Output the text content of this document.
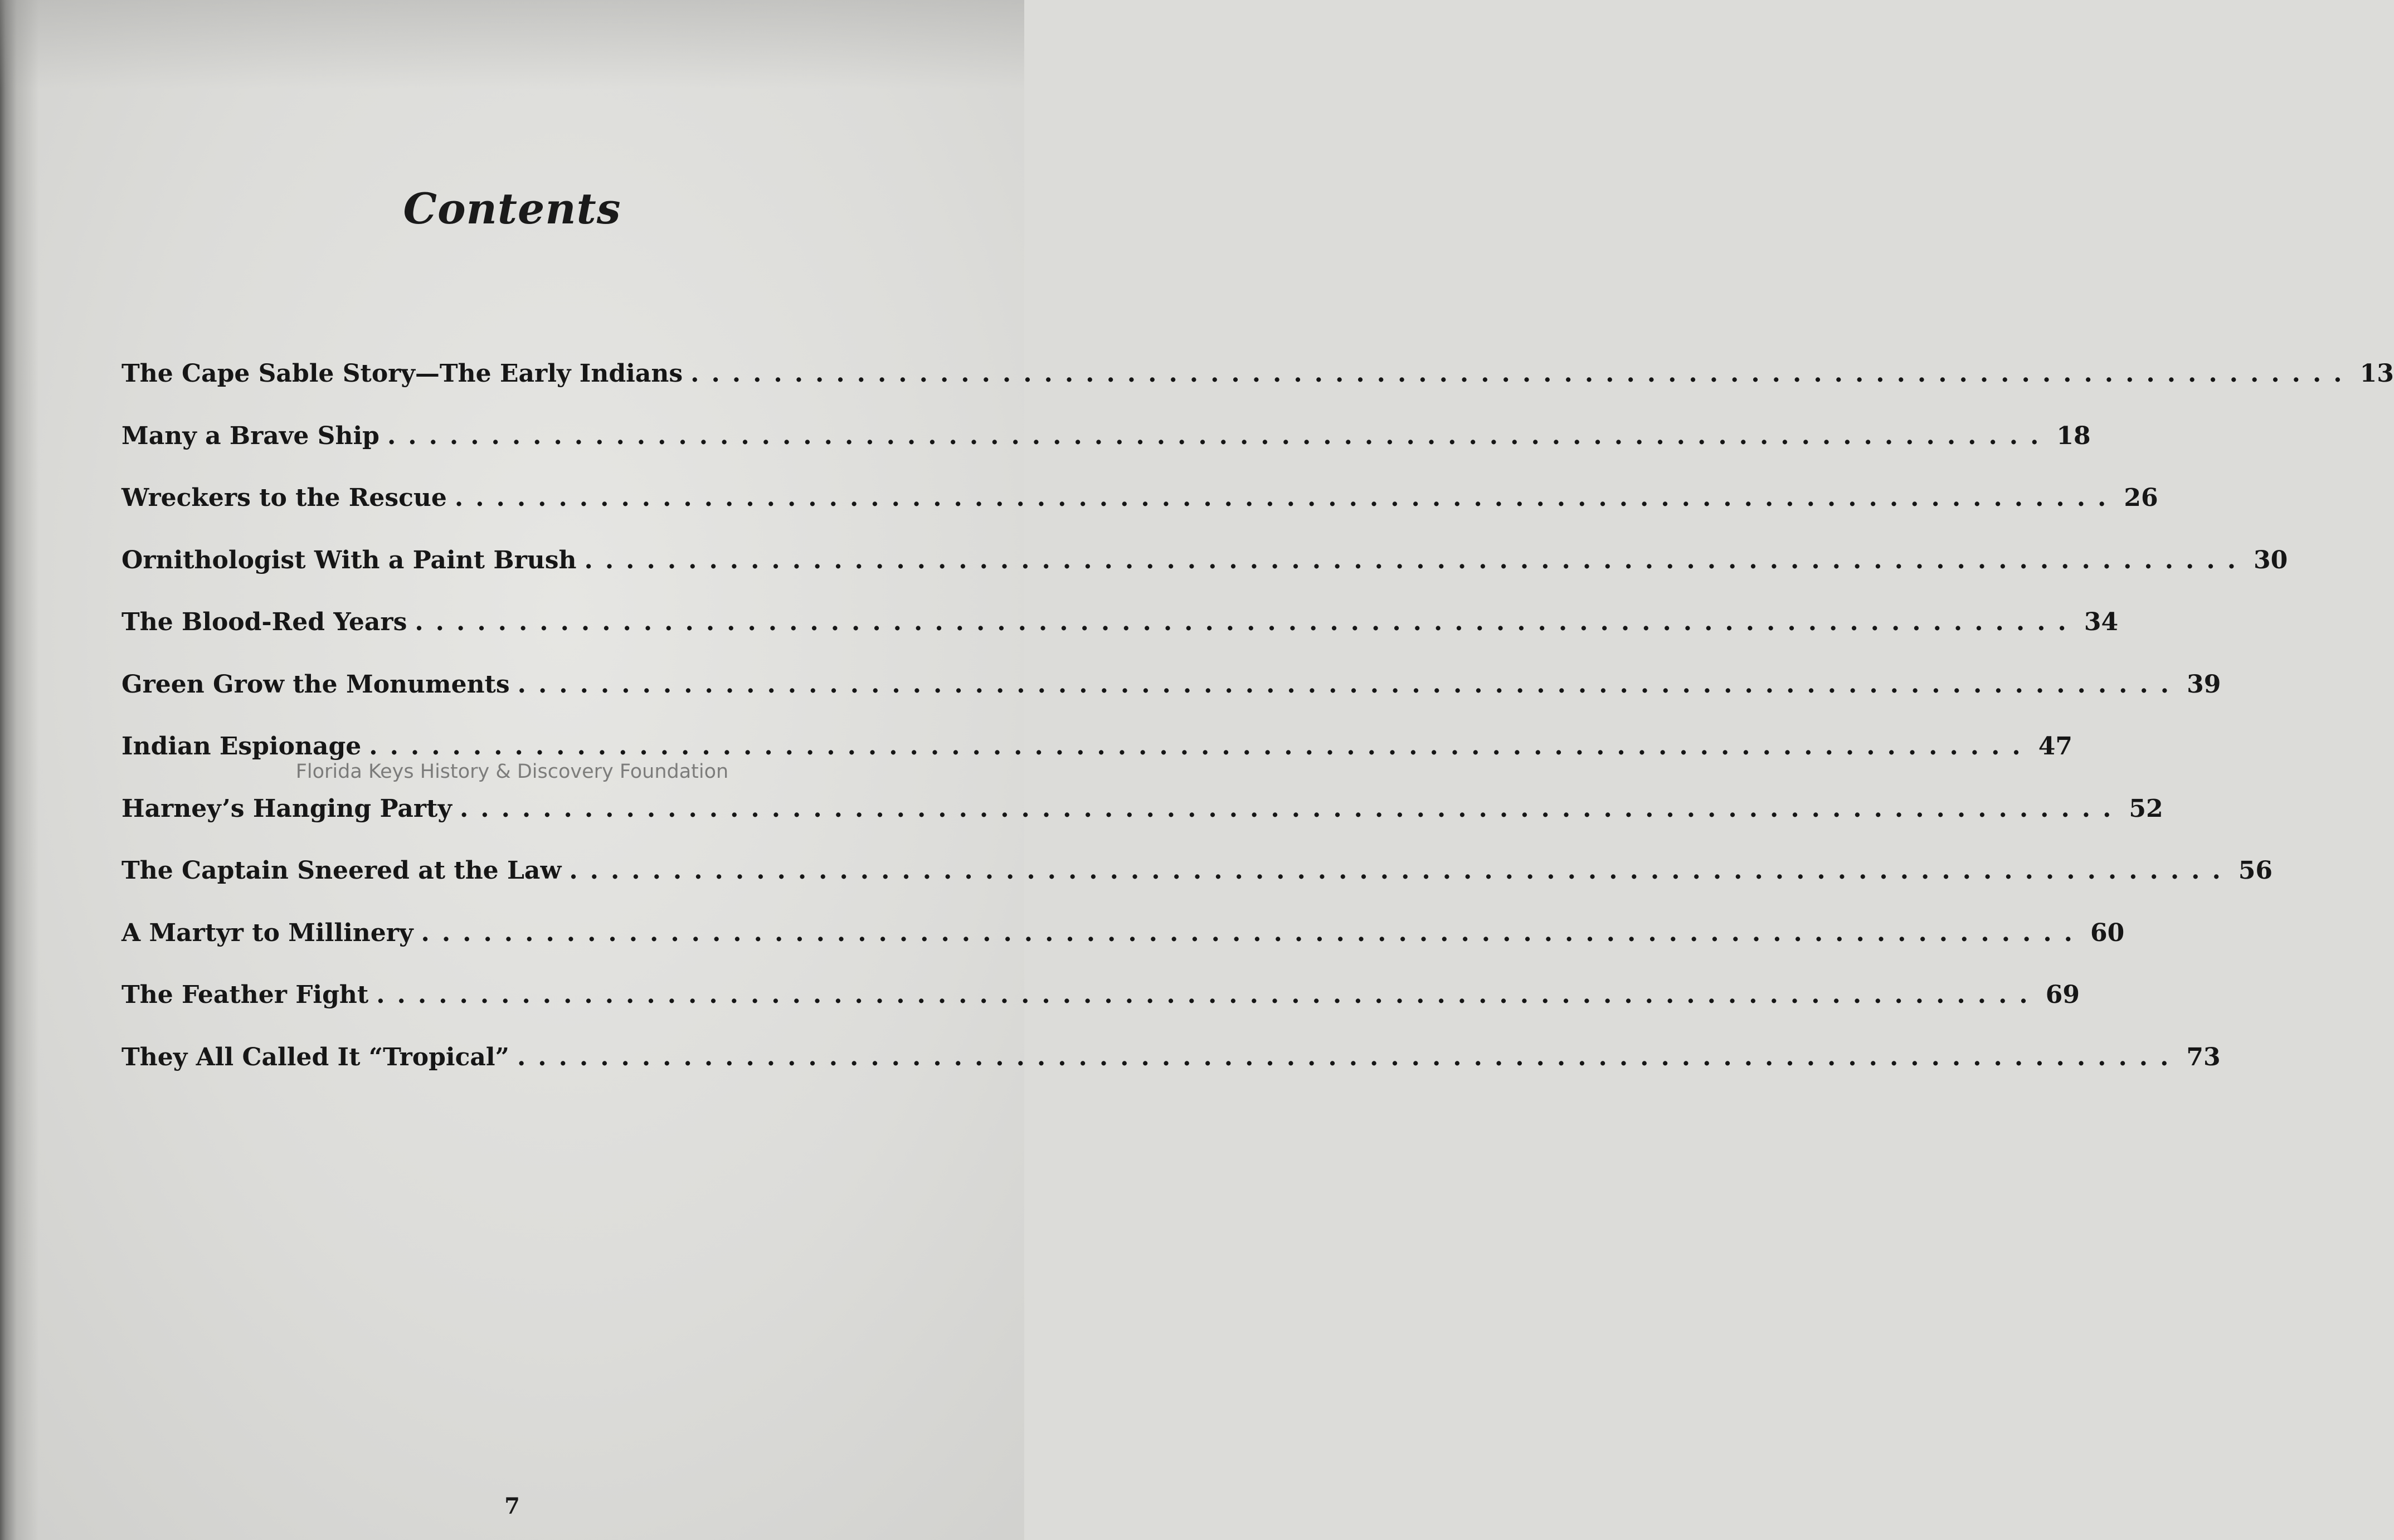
Contents
The Cape Sable Story—The Early Indians ................................................................................ 13
Many a Brave Ship ................................................................................ 18
Wreckers to the Rescue ................................................................................ 26
Ornithologist With a Paint Brush ................................................................................ 30
The Blood-Red Years ................................................................................ 34
Green Grow the Monuments ................................................................................ 39
Indian Espionage ................................................................................ 47
Harney’s Hanging Party ................................................................................ 52
The Captain Sneered at the Law ................................................................................ 56
A Martyr to Millinery ................................................................................ 60
The Feather Fight ................................................................................ 69
They All Called It “Tropical” ................................................................................ 73
Florida Keys History & Discovery Foundation
7
